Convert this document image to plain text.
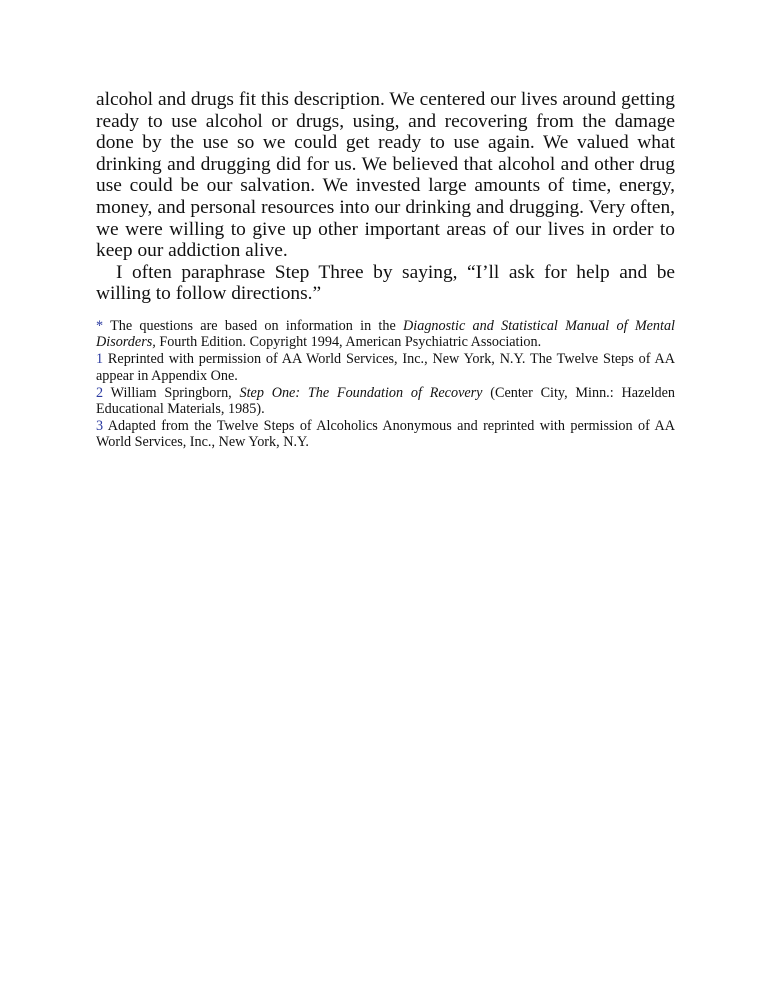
alcohol and drugs fit this description. We centered our lives around getting ready to use alcohol or drugs, using, and recovering from the damage done by the use so we could get ready to use again. We valued what drinking and drugging did for us. We believed that alcohol and other drug use could be our salvation. We invested large amounts of time, energy, money, and personal resources into our drinking and drugging. Very often, we were willing to give up other important areas of our lives in order to keep our addiction alive.

I often paraphrase Step Three by saying, “I’ll ask for help and be willing to follow directions.”

* The questions are based on information in the Diagnostic and Statistical Manual of Mental Disorders, Fourth Edition. Copyright 1994, American Psychiatric Association.

1 Reprinted with permission of AA World Services, Inc., New York, N.Y. The Twelve Steps of AA appear in Appendix One.

2 William Springborn, Step One: The Foundation of Recovery (Center City, Minn.: Hazelden Educational Materials, 1985).

3 Adapted from the Twelve Steps of Alcoholics Anonymous and reprinted with permission of AA World Services, Inc., New York, N.Y.
